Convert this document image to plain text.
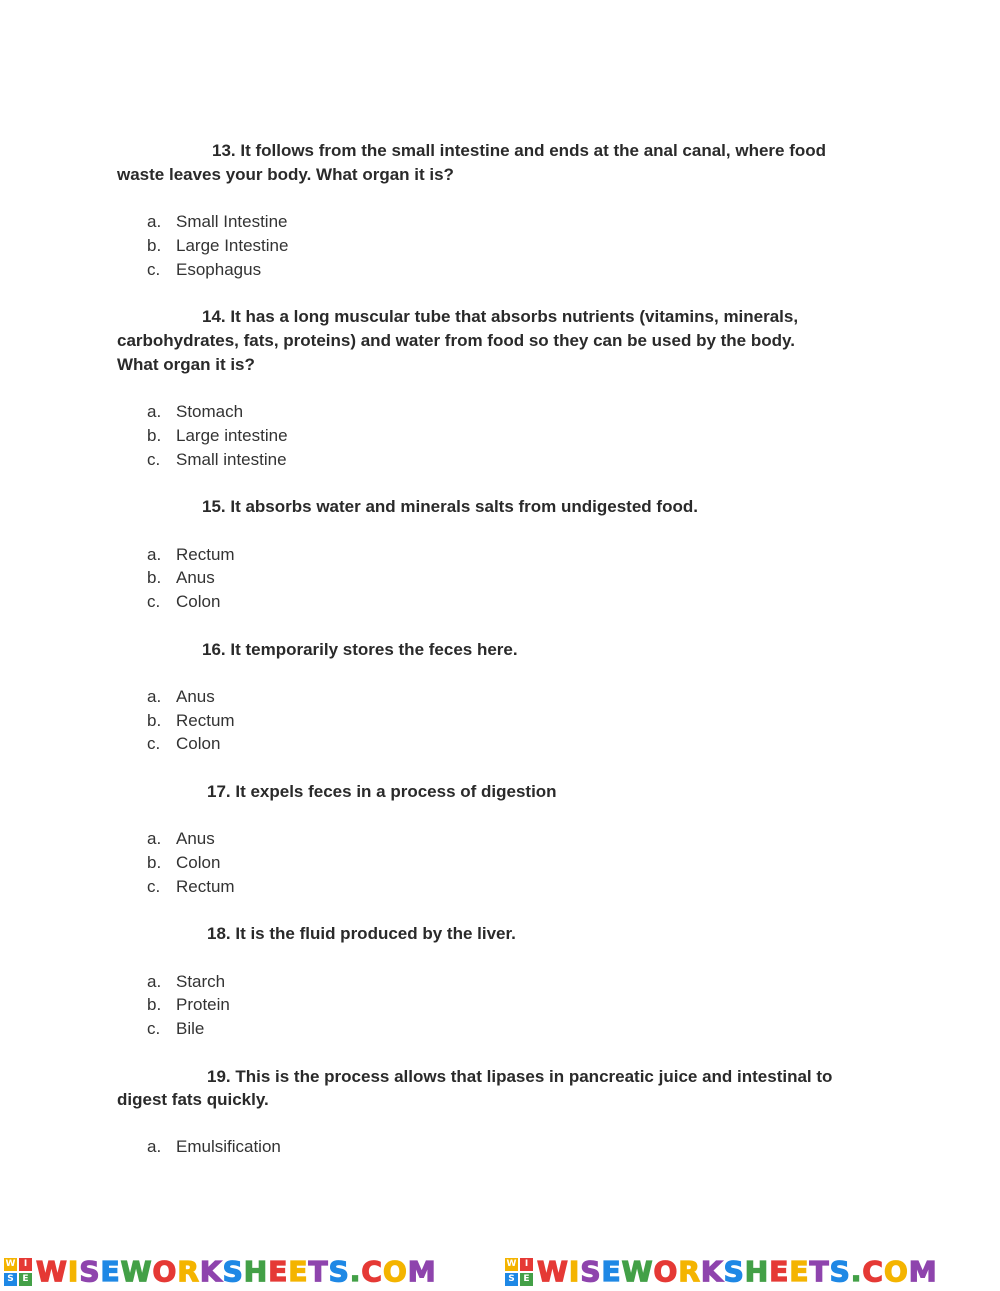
13. It follows from the small intestine and ends at the anal canal, where food
waste leaves your body. What organ it is?
a. Small Intestine
b. Large Intestine
c. Esophagus
14. It has a long muscular tube that absorbs nutrients (vitamins, minerals,
carbohydrates, fats, proteins) and water from food so they can be used by the body.
What organ it is?
a. Stomach
b. Large intestine
c. Small intestine
15. It absorbs water and minerals salts from undigested food.
a. Rectum
b. Anus
c. Colon
16. It temporarily stores the feces here.
a. Anus
b. Rectum
c. Colon
17. It expels feces in a process of digestion
a. Anus
b. Colon
c. Rectum
18. It is the fluid produced by the liver.
a. Starch
b. Protein
c. Bile
19. This is the process allows that lipases in pancreatic juice and intestinal to
digest fats quickly.
a. Emulsification
W I
S E WISEWORKSHEETS.COM	W I
S E WISEWORKSHEETS.COM
